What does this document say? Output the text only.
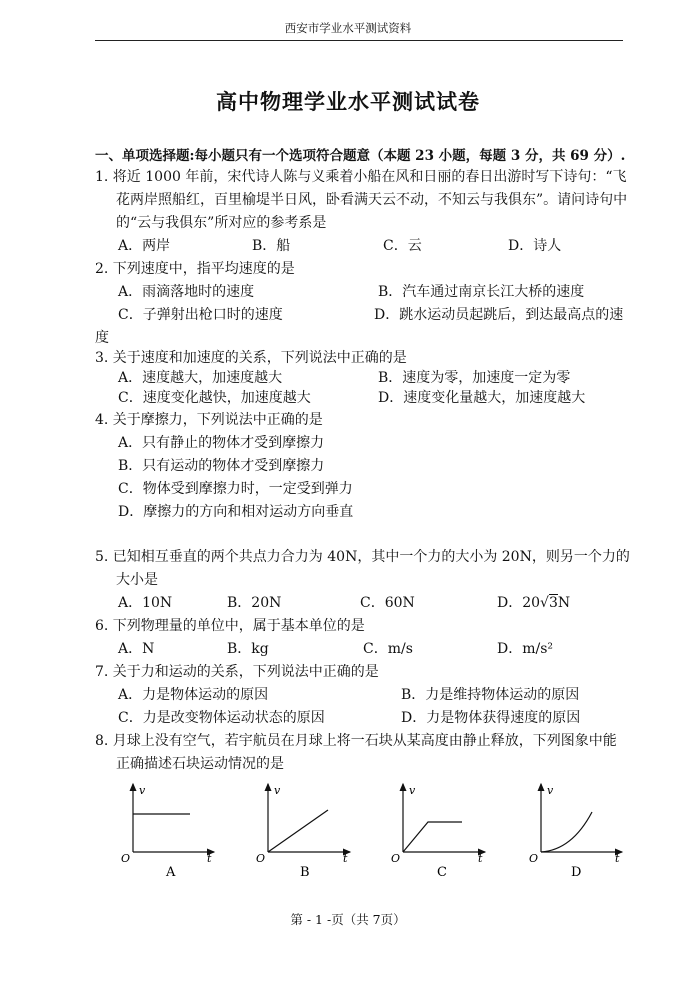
西安市学业水平测试资料
高中物理学业水平测试试卷
一、单项选择题:每小题只有一个选项符合题意（本题 23 小题，每题 3 分，共 69 分）.
1. 将近 1000 年前，宋代诗人陈与义乘着小船在风和日丽的春日出游时写下诗句：“飞
花两岸照船红，百里榆堤半日风，卧看满天云不动，不知云与我俱东”。请问诗句中
的“云与我俱东”所对应的参考系是
A．两岸	B．船	C．云	D．诗人
2. 下列速度中，指平均速度的是
A．雨滴落地时的速度	B．汽车通过南京长江大桥的速度
C．子弹射出枪口时的速度	D．跳水运动员起跳后，到达最高点的速
度
3. 关于速度和加速度的关系，下列说法中正确的是
A．速度越大，加速度越大	B．速度为零，加速度一定为零
C．速度变化越快，加速度越大	D．速度变化量越大，加速度越大
4. 关于摩擦力，下列说法中正确的是
A．只有静止的物体才受到摩擦力
B．只有运动的物体才受到摩擦力
C．物体受到摩擦力时，一定受到弹力
D．摩擦力的方向和相对运动方向垂直
5. 已知相互垂直的两个共点力合力为 40N，其中一个力的大小为 20N，则另一个力的
大小是
A．10N	B．20N	C．60N	D．20√3N
6. 下列物理量的单位中，属于基本单位的是
A．N	B．kg	C．m/s	D．m/s²
7. 关于力和运动的关系，下列说法中正确的是
A．力是物体运动的原因	B．力是维持物体运动的原因
C．力是改变物体运动状态的原因	D．力是物体获得速度的原因
8. 月球上没有空气，若宇航员在月球上将一石块从某高度由静止释放，下列图象中能
正确描述石块运动情况的是
v
t
O
A
v
t
O
B
v
t
O
C
v
t
O
D
第 - 1 -页（共 7页）
